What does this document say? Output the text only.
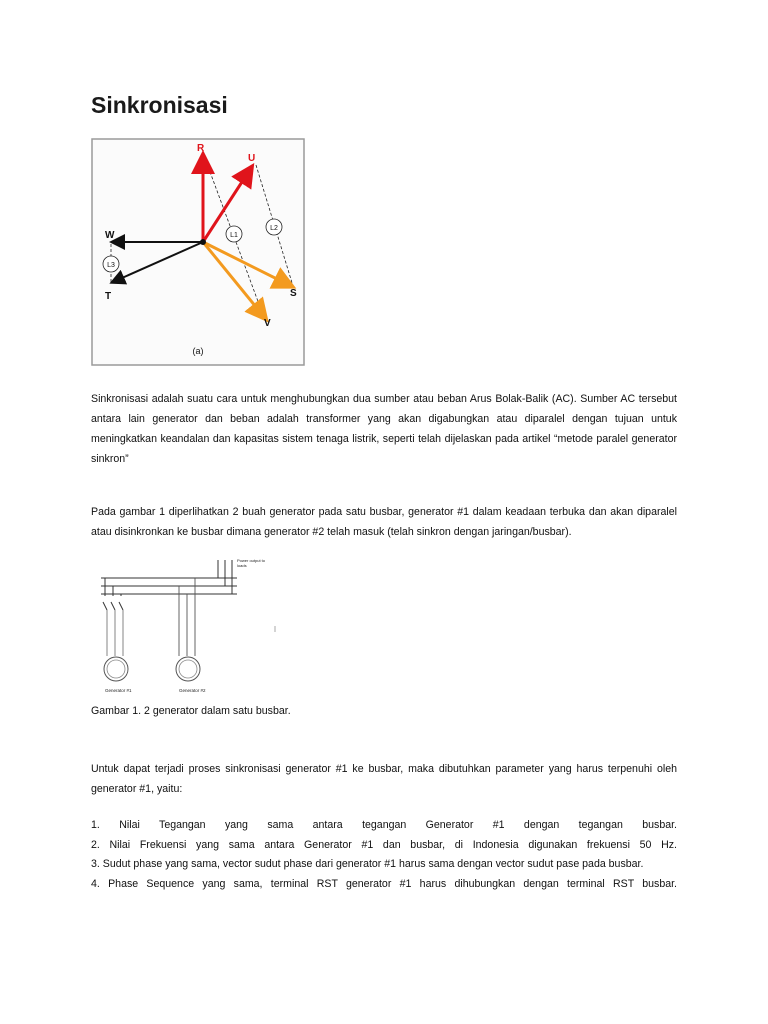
Sinkronisasi
R
U
W
T	S
V
L1
L2
L3
(a)

Sinkronisasi adalah suatu cara untuk menghubungkan dua sumber atau beban Arus Bolak-Balik (AC). Sumber AC tersebut antara lain generator dan beban adalah transformer yang akan digabungkan atau diparalel dengan tujuan untuk meningkatkan keandalan dan kapasitas sistem tenaga listrik, seperti telah dijelaskan pada artikel “metode paralel generator sinkron”

Pada gambar 1 diperlihatkan 2 buah generator pada satu busbar, generator #1 dalam keadaan terbuka dan akan diparalel atau disinkronkan ke busbar dimana generator #2 telah masuk (telah sinkron dengan jaringan/busbar).

Power output to
loads
Generator #1	Generator #2

Gambar 1. 2 generator dalam satu busbar.

Untuk dapat terjadi proses sinkronisasi generator #1 ke busbar, maka dibutuhkan parameter yang harus terpenuhi oleh generator #1, yaitu:

1. Nilai Tegangan yang sama antara tegangan Generator #1 dengan tegangan busbar.
2. Nilai Frekuensi yang sama antara Generator #1 dan busbar, di Indonesia digunakan frekuensi 50 Hz.
3. Sudut phase yang sama, vector sudut phase dari generator #1 harus sama dengan vector sudut pase pada busbar.
4. Phase Sequence yang sama, terminal RST generator #1 harus dihubungkan dengan terminal RST busbar.
